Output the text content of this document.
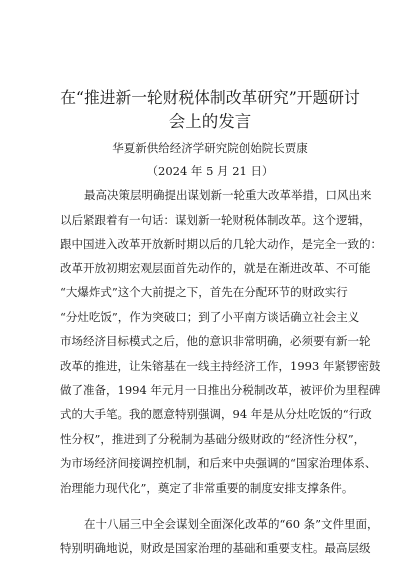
在“推进新一轮财税体制改革研究”开题研讨
会上的发言
华夏新供给经济学研究院创始院长贾康
（2024 年 5 月 21 日）
最高决策层明确提出谋划新一轮重大改革举措，口风出来
以后紧跟着有一句话：谋划新一轮财税体制改革。这个逻辑，
跟中国进入改革开放新时期以后的几轮大动作，是完全一致的：
改革开放初期宏观层面首先动作的，就是在渐进改革、不可能
“大爆炸式”这个大前提之下，首先在分配环节的财政实行
“分灶吃饭”，作为突破口；到了小平南方谈话确立社会主义
市场经济目标模式之后，他的意识非常明确，必须要有新一轮
改革的推进，让朱镕基在一线主持经济工作，1993 年紧锣密鼓
做了准备，1994 年元月一日推出分税制改革，被评价为里程碑
式的大手笔。我的愿意特别强调，94 年是从分灶吃饭的“行政
性分权”，推进到了分税制为基础分级财政的“经济性分权”，
为市场经济间接调控机制，和后来中央强调的“国家治理体系、
治理能力现代化”，奠定了非常重要的制度安排支撑条件。
在十八届三中全会谋划全面深化改革的“60 条”文件里面，
特别明确地说，财政是国家治理的基础和重要支柱。最高层级
